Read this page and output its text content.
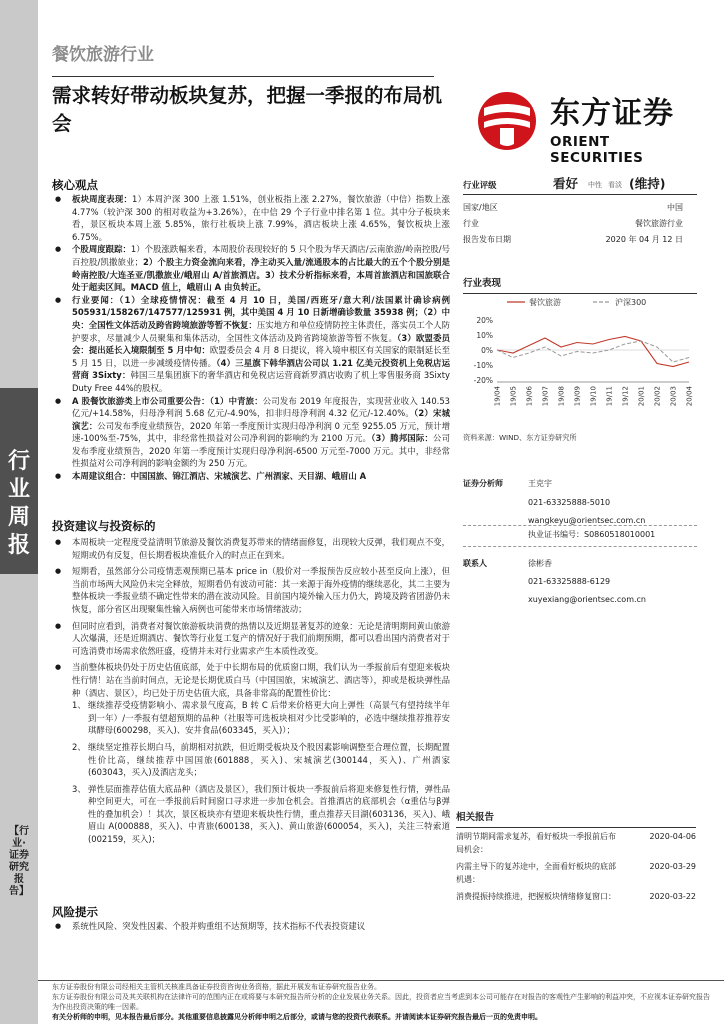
行业周报
【行业·证券研究报告】
餐饮旅游行业
需求转好带动板块复苏，把握一季报的布局机会	东方证券
ORIENT SECURITIES
核心观点

● 板块周度表现：1）本周沪深 300 上涨 1.51%，创业板指上涨 2.27%，餐饮旅游（中信）指数上涨 4.77%（较沪深 300 的相对收益为+3.26%），在中信 29 个子行业中排名第 1 位。其中分子板块来看，景区板块本周上涨 5.85%，旅行社板块上涨 7.99%，酒店板块上涨 4.65%，餐饮板块上涨 6.75%。

● 个股周度跟踪：1）个股涨跌幅来看，本周股价表现较好的 5 只个股为华天酒店/云南旅游/岭南控股/号百控股/凯撒旅业；2）个股主力资金流向来看，净主动买入量/流通股本的占比最大的五个个股分别是岭南控股/大连圣亚/凯撒旅业/峨眉山 A/首旅酒店。3）技术分析指标来看，本周首旅酒店和国旅联合处于超卖区间。MACD 值上，峨眉山 A 由负转正。

● 行业要闻：（1）全球疫情情况：截至 4 月 10 日，美国/西班牙/意大利/法国累计确诊病例 505931/158267/147577/125931 例，其中美国 4 月 10 日新增确诊数量 35938 例；（2）中央：全国性文体活动及跨省跨境旅游等暂不恢复：压实地方和单位疫情防控主体责任，落实员工个人防护要求，尽量减少人员聚集和集体活动，全国性文体活动及跨省跨境旅游等暂不恢复。（3）欧盟委员会：提出延长入境限制至 5 月中旬：欧盟委员会 4 月 8 日提议，将入境申根区有关国家的限制延长至 5 月 15 日，以进一步减缓疫情传播。（4）三星旗下韩华酒店公司以 1.21 亿美元投资机上免税店运营商 3Sixty：韩国三星集团旗下的奢华酒店和免税店运营商新罗酒店收购了机上零售服务商 3Sixty Duty Free 44%的股权。

● A 股餐饮旅游类上市公司重要公告：（1）中青旅：公司发布 2019 年度报告，实现营业收入 140.53 亿元/+14.58%，归母净利润 5.68 亿元/-4.90%，扣非归母净利润 4.32 亿元/-12.40%。（2）宋城演艺：公司发布季度业绩预告，2020 年第一季度预计实现归母净利润 0 元至 9255.05 万元，预计增速-100%至-75%，其中，非经常性损益对公司净利润的影响约为 2100 万元。（3）腾邦国际：公司发布季度业绩预告，2020 年第一季度预计实现归母净利润-6500 万元至-7000 万元。其中，非经常性损益对公司净利润的影响金额约为 250 万元。

● 本周建议组合：中国国旅、锦江酒店、宋城演艺、广州酒家、天目湖、峨眉山 A

投资建议与投资标的

● 本周板块一定程度受益清明节旅游及餐饮消费复苏带来的情绪面修复，出现较大反弹，我们观点不变，短期或仍有反复，但长期看板块准低介入的时点正在到来。

● 短期看，虽然部分公司疫情悲观预期已基本 price in（股价对一季报预告反应较小甚至反向上涨），但当前市场两大风险仍未完全释放，短期看仍有波动可能：其一来源于海外疫情的继续恶化，其二主要为整体板块一季报业绩不确定性带来的潜在波动风险。目前国内境外输入压力仍大，跨境及跨省团游仍未恢复，部分省区出现聚集性输入病例也可能带来市场情绪波动；

● 但同时应看到，消费者对餐饮旅游板块消费的热情以及近期显著复苏的迹象：无论是清明期间黄山旅游人次爆满，还是近期酒店、餐饮等行业复工复产的情况好于我们前期预期，都可以看出国内消费者对于可选消费市场需求依然旺盛，疫情并未对行业需求产生本质性改变。

● 当前整体板块仍处于历史估值底部，处于中长期布局的优质窗口期，我们认为一季报前后有望迎来板块性行情！站在当前时间点，无论是长期优质白马（中国国旅，宋城演艺、酒店等），抑或是板块弹性品种（酒店、景区），均已处于历史估值大底，具备非常高的配置性价比：

1、 继续推荐受疫情影响小、需求景气度高，B 转 C 后带来价格更大向上弹性（高景气有望持续半年到一年）/一季报有望超预期的品种（社服等可选板块相对少比受影响的，必选中继续推荐推荐安琪酵母(600298，买入)、安井食品(603345，买入)）；

2、 继续坚定推荐长期白马，前期相对抗跌，但近期受板块及个股因素影响调整至合理位置，长期配置性价比高，继续推荐中国国旅(601888，买入)、宋城演艺(300144，买入)、广州酒家(603043，买入)及酒店龙头；

3、 弹性层面推荐估值大底品种（酒店及景区），我们预计板块一季报前后将迎来修复性行情，弹性品种空间更大，可在一季报前后时间窗口寻求进一步加仓机会。首推酒店的底部机会（α重估与β弹性的叠加机会）！其次，景区板块亦有望迎来板块性行情，重点推荐天目湖(603136，买入)、峨眉山 A(000888，买入)、中青旅(600138，买入)、黄山旅游(600054，买入)，关注三特索道(002159，买入)；

风险提示
● 系统性风险、突发性因素、个股并购重组不达预期等，技术指标不代表投资建议
行业评级	看好 中性 看淡 (维持)
国家/地区	中国
行业	餐饮旅游行业
报告发布日期	2020 年 04 月 12 日
行业表现
餐饮旅游	沪深300
20%
10%
0%
-10%
-20%
19/04 19/05 19/06 19/07 19/08 19/09 19/10 19/11 19/12 20/01 20/02 20/03 20/04
资料来源：WIND、东方证券研究所
证券分析师	王克宇
021-63325888-5010
wangkeyu@orientsec.com.cn
执业证书编号：S0860518010001
联系人	徐彬香
021-63325888-6129
xuyexiang@orientsec.com.cn
相关报告
清明节期间需求复苏，看好板块一季报前后布局机会：
2020-04-06
内需主导下的复苏途中，全面看好板块的底部机遇：
2020-03-29
消费提振持续推进，把握板块情绪修复窗口：	2020-03-22
东方证券股份有限公司经相关主管机关核准具备证券投资咨询业务资格，据此开展发布证券研究报告业务。
东方证券股份有限公司及其关联机构在法律许可的范围内正在或将要与本研究报告所分析的企业发展业务关系。因此，投资者应当考虑到本公司可能存在对报告的客观性产生影响的利益冲突，不应视本证券研究报告为作出投资决策的唯一因素。
有关分析师的申明，见本报告最后部分。其他重要信息披露见分析师申明之后部分，或请与您的投资代表联系。并请阅读本证券研究报告最后一页的免责申明。
